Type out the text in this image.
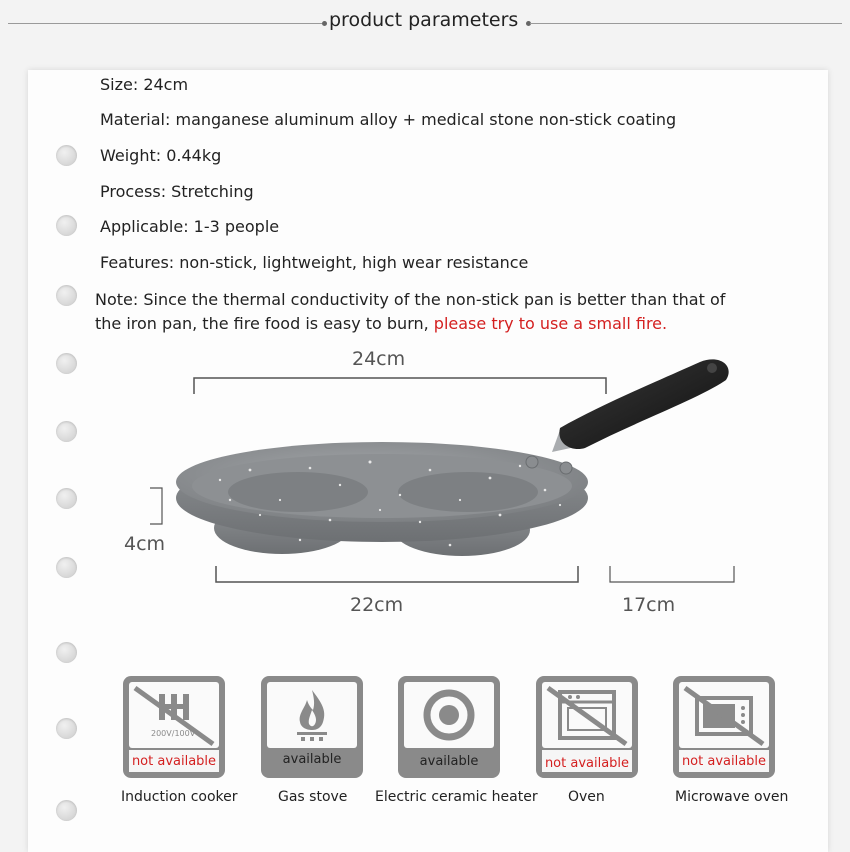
product parameters
Size: 24cm
Material: manganese aluminum alloy + medical stone non-stick coating
Weight: 0.44kg
Process: Stretching
Applicable: 1-3 people
Features: non-stick, lightweight, high wear resistance
Note: Since the thermal conductivity of the non-stick pan is better than that of the iron pan, the fire food is easy to burn, please try to use a small fire.
24cm
4cm
22cm	17cm
200V/100V
not available
Induction cooker
available
Gas stove
available
Electric ceramic heater
not available
Oven
not available
Microwave oven
